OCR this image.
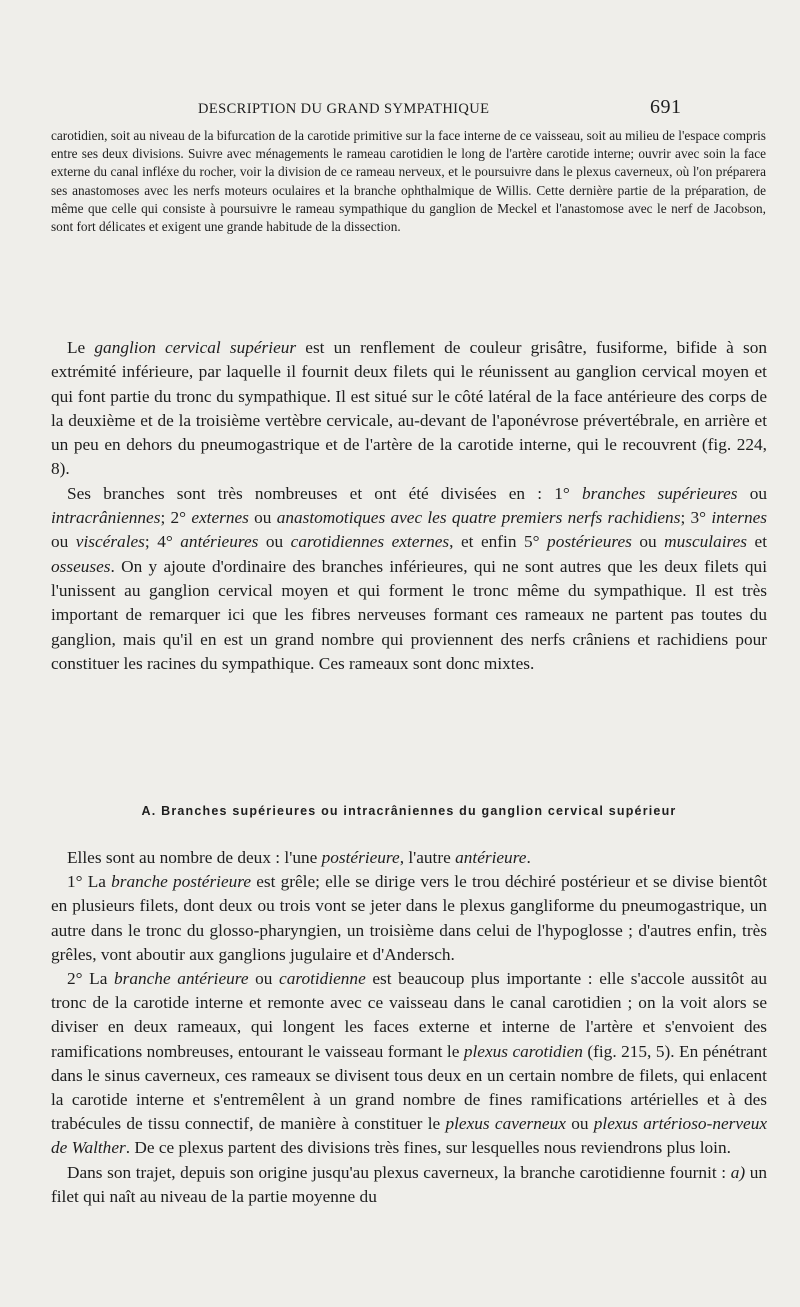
DESCRIPTION DU GRAND SYMPATHIQUE	691

carotidien, soit au niveau de la bifurcation de la carotide primitive sur la face interne de ce vaisseau, soit au milieu de l'espace compris entre ses deux divisions. Suivre avec ménagements le rameau carotidien le long de l'artère carotide interne; ouvrir avec soin la face externe du canal infléxe du rocher, voir la division de ce rameau nerveux, et le poursuivre dans le plexus caverneux, où l'on préparera ses anastomoses avec les nerfs moteurs oculaires et la branche ophthalmique de Willis. Cette dernière partie de la préparation, de même que celle qui consiste à poursuivre le rameau sympathique du ganglion de Meckel et l'anastomose avec le nerf de Jacobson, sont fort délicates et exigent une grande habitude de la dissection.

Le ganglion cervical supérieur est un renflement de couleur grisâtre, fusiforme, bifide à son extrémité inférieure, par laquelle il fournit deux filets qui le réunissent au ganglion cervical moyen et qui font partie du tronc du sympathique. Il est situé sur le côté latéral de la face antérieure des corps de la deuxième et de la troisième vertèbre cervicale, au-devant de l'aponévrose prévertébrale, en arrière et un peu en dehors du pneumogastrique et de l'artère de la carotide interne, qui le recouvrent (fig. 224, 8).

Ses branches sont très nombreuses et ont été divisées en : 1° branches supérieures ou intracrâniennes; 2° externes ou anastomotiques avec les quatre premiers nerfs rachidiens; 3° internes ou viscérales; 4° antérieures ou carotidiennes externes, et enfin 5° postérieures ou musculaires et osseuses. On y ajoute d'ordinaire des branches inférieures, qui ne sont autres que les deux filets qui l'unissent au ganglion cervical moyen et qui forment le tronc même du sympathique. Il est très important de remarquer ici que les fibres nerveuses formant ces rameaux ne partent pas toutes du ganglion, mais qu'il en est un grand nombre qui proviennent des nerfs crâniens et rachidiens pour constituer les racines du sympathique. Ces rameaux sont donc mixtes.

A. Branches supérieures ou intracrâniennes du ganglion cervical supérieur

Elles sont au nombre de deux : l'une postérieure, l'autre antérieure.

1° La branche postérieure est grêle; elle se dirige vers le trou déchiré postérieur et se divise bientôt en plusieurs filets, dont deux ou trois vont se jeter dans le plexus gangliforme du pneumogastrique, un autre dans le tronc du glosso-pharyngien, un troisième dans celui de l'hypoglosse ; d'autres enfin, très grêles, vont aboutir aux ganglions jugulaire et d'Andersch.

2° La branche antérieure ou carotidienne est beaucoup plus importante : elle s'accole aussitôt au tronc de la carotide interne et remonte avec ce vaisseau dans le canal carotidien ; on la voit alors se diviser en deux rameaux, qui longent les faces externe et interne de l'artère et s'envoient des ramifications nombreuses, entourant le vaisseau formant le plexus carotidien (fig. 215, 5). En pénétrant dans le sinus caverneux, ces rameaux se divisent tous deux en un certain nombre de filets, qui enlacent la carotide interne et s'entremêlent à un grand nombre de fines ramifications artérielles et à des trabécules de tissu connectif, de manière à constituer le plexus caverneux ou plexus artérioso-nerveux de Walther. De ce plexus partent des divisions très fines, sur lesquelles nous reviendrons plus loin.

Dans son trajet, depuis son origine jusqu'au plexus caverneux, la branche carotidienne fournit : a) un filet qui naît au niveau de la partie moyenne du
